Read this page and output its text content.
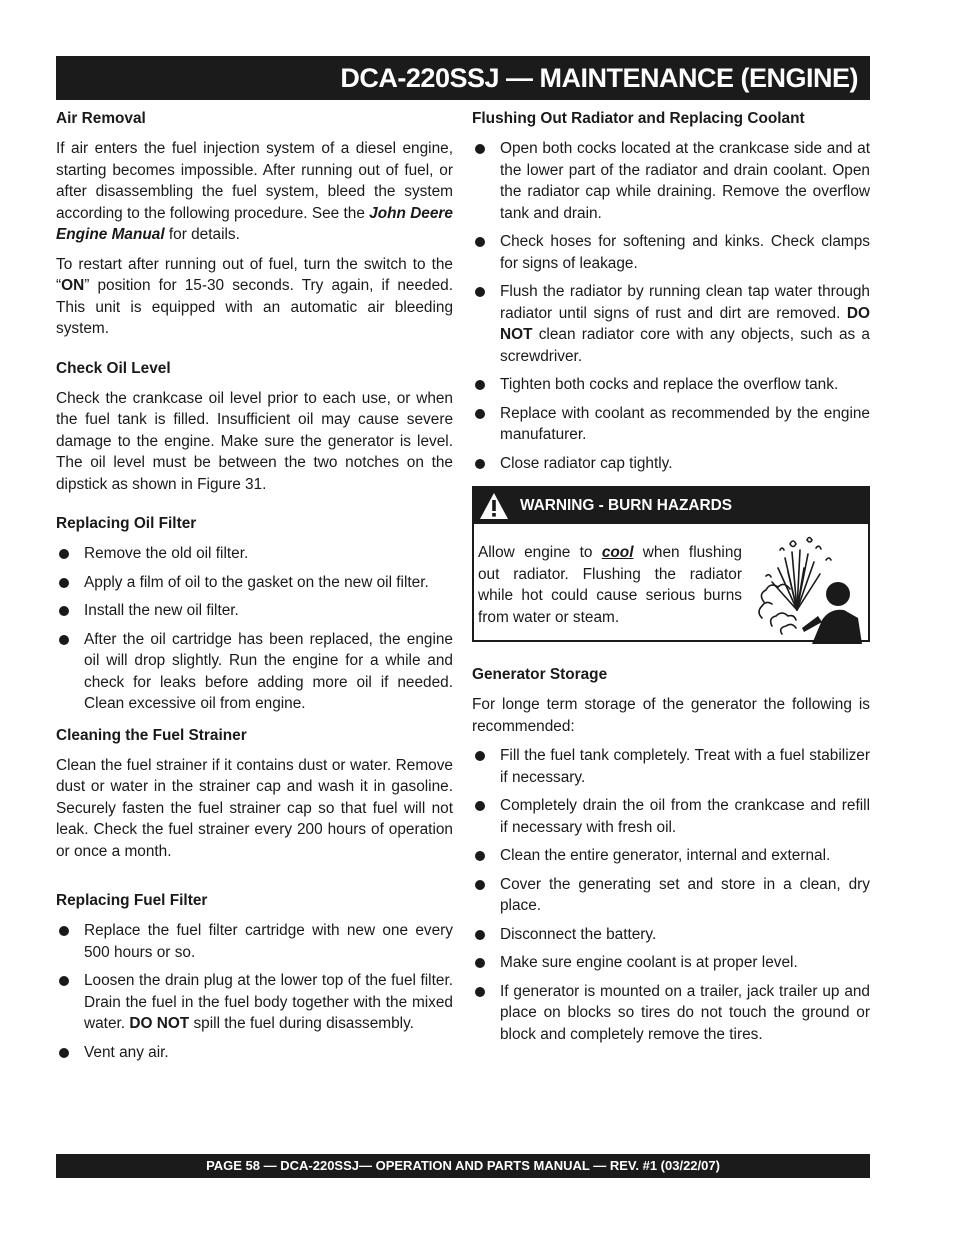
DCA-220SSJ — MAINTENANCE (ENGINE)
Air Removal

If air enters the fuel injection system of a diesel engine, starting becomes impossible. After running out of fuel, or after disassembling the fuel system, bleed the system according to the following procedure. See the John Deere Engine Manual for details.

To restart after running out of fuel, turn the switch to the “ON” position for 15-30 seconds. Try again, if needed. This unit is equipped with an automatic air bleeding system.

Check Oil Level

Check the crankcase oil level prior to each use, or when the fuel tank is filled. Insufficient oil may cause severe damage to the engine. Make sure the generator is level. The oil level must be between the two notches on the dipstick as shown in Figure 31.

Replacing Oil Filter
Remove the old oil filter.
Apply a film of oil to the gasket on the new oil filter.
Install the new oil filter.
After the oil cartridge has been replaced, the engine oil will drop slightly. Run the engine for a while and check for leaks before adding more oil if needed. Clean excessive oil from engine.
Cleaning the Fuel Strainer

Clean the fuel strainer if it contains dust or water. Remove dust or water in the strainer cap and wash it in gasoline. Securely fasten the fuel strainer cap so that fuel will not leak. Check the fuel strainer every 200 hours of operation or once a month.

Replacing Fuel Filter
Replace the fuel filter cartridge with new one every 500 hours or so.
Loosen the drain plug at the lower top of the fuel filter. Drain the fuel in the fuel body together with the mixed water. DO NOT spill the fuel during disassembly.
Vent any air.
Flushing Out Radiator and Replacing Coolant
Open both cocks located at the crankcase side and at the lower part of the radiator and drain coolant. Open the radiator cap while draining. Remove the overflow tank and drain.
Check hoses for softening and kinks. Check clamps for signs of leakage.
Flush the radiator by running clean tap water through radiator until signs of rust and dirt are removed. DO NOT clean radiator core with any objects, such as a screwdriver.
Tighten both cocks and replace the overflow tank.
Replace with coolant as recommended by the engine manufaturer.
Close radiator cap tightly.
WARNING - BURN HAZARDS
Allow engine to cool when flushing out radiator. Flushing the radiator while hot could cause serious burns from water or steam.
Generator Storage

For longe term storage of the generator the following is recommended:

Fill the fuel tank completely. Treat with a fuel stabilizer if necessary.
Completely drain the oil from the crankcase and refill if necessary with fresh oil.
Clean the entire generator, internal and external.
Cover the generating set and store in a clean, dry place.
Disconnect the battery.
Make sure engine coolant is at proper level.
If generator is mounted on a trailer, jack trailer up and place on blocks so tires do not touch the ground or block and completely remove the tires.
PAGE 58 — DCA-220SSJ— OPERATION AND PARTS MANUAL — REV. #1 (03/22/07)
